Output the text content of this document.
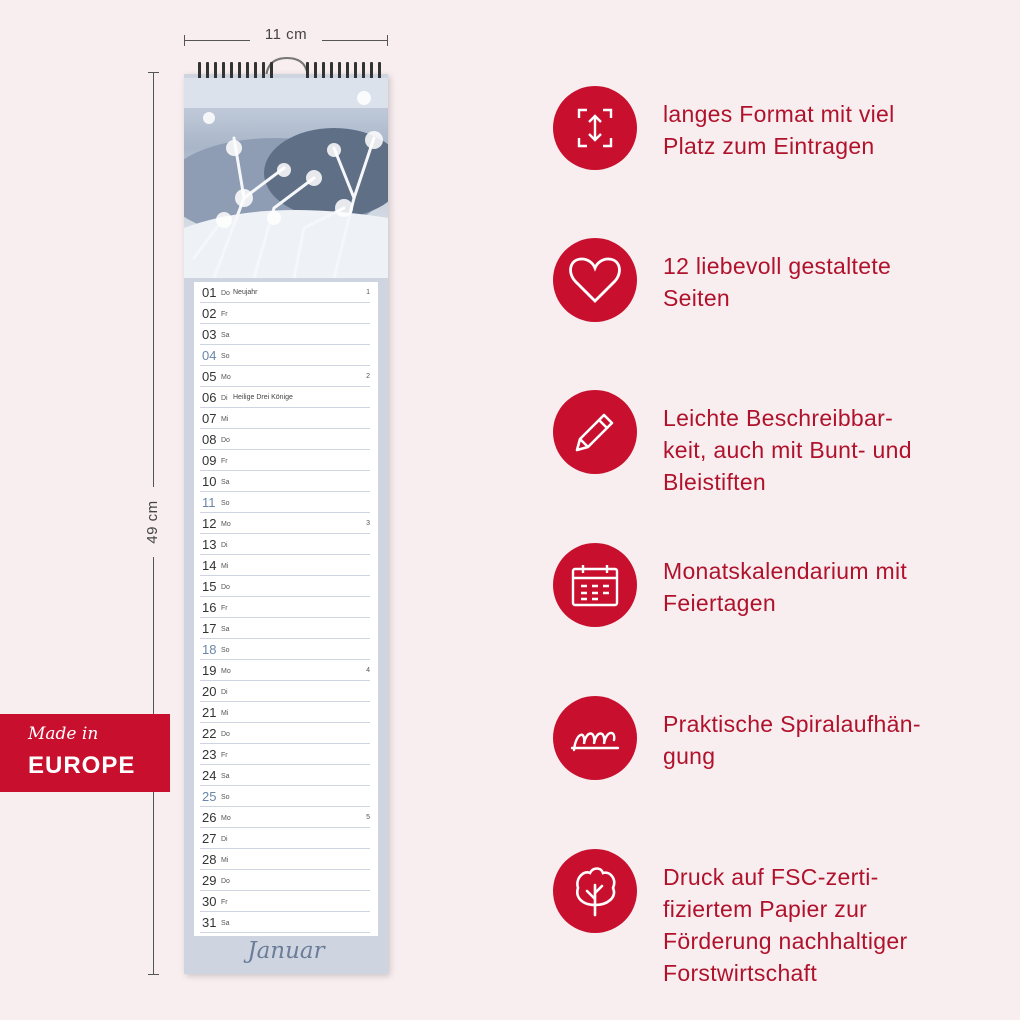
11 cm
49 cm
Made in
EUROPE
01 Do Neujahr	1
02 Fr
03 Sa
04 So
05 Mo	2
06 Di Heilige Drei Könige
07 Mi
08 Do
09 Fr
10 Sa
11 So
12 Mo	3
13 Di
14 Mi
15 Do
16 Fr
17 Sa
18 So
19 Mo	4
20 Di
21 Mi
22 Do
23 Fr
24 Sa
25 So
26 Mo	5
27 Di
28 Mi
29 Do
30 Fr
31 Sa
Januar
langes Format mit viel
Platz zum Eintragen
12 liebevoll gestaltete
Seiten
Leichte Beschreibbar-
keit, auch mit Bunt- und
Bleistiften
Monatskalendarium mit
Feiertagen
Praktische Spiralaufhän-
gung
Druck auf FSC-zerti-
fiziertem Papier zur
Förderung nachhaltiger
Forstwirtschaft
